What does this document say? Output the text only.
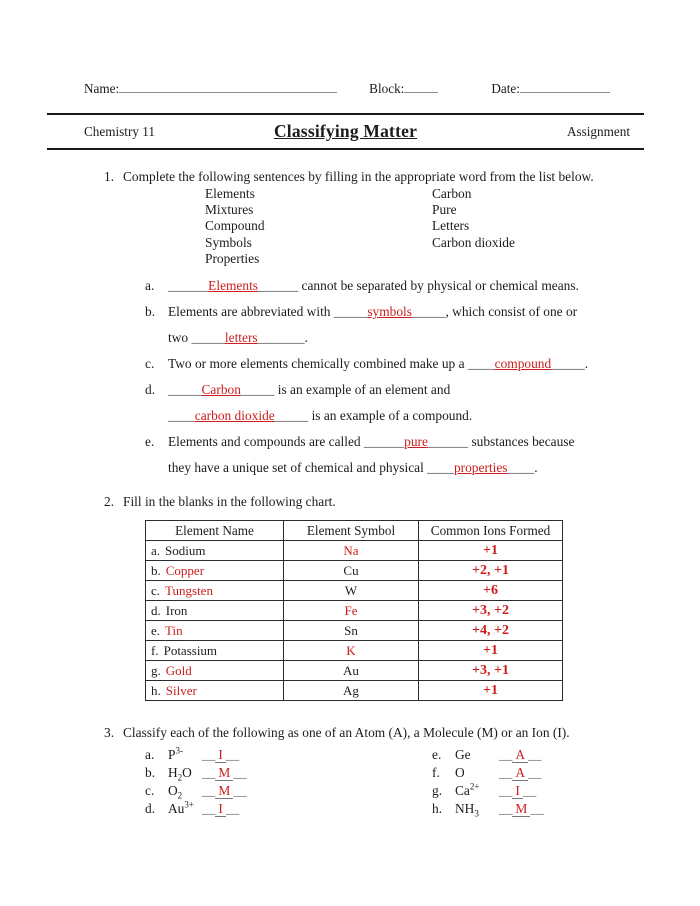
Name:	Block:	Date:
Chemistry 11	Classifying Matter	Assignment
1. Complete the following sentences by filling in the appropriate word from the list below.
Elements
Mixtures
Compound
Symbols
Properties
Carbon
Pure
Letters
Carbon dioxide
a.	______Elements______ cannot be separated by physical or chemical means.
b. Elements are abbreviated with _____symbols_____, which consist of one or
two _____letters_______.
c.	Two or more elements chemically combined make up a ____compound_____.
d. _____Carbon_____ is an example of an element and
____carbon dioxide_____ is an example of a compound.
e.	Elements and compounds are called ______pure______ substances because
they have a unique set of chemical and physical ____properties____.
2. Fill in the blanks in the following chart.
Element Name	Element Symbol	Common Ions Formed
a. Sodium	Na	+1
b. Copper	Cu	+2, +1
c. Tungsten	W	+6
d. Iron	Fe	+3, +2
e. Tin	Sn	+4, +2
f. Potassium	K	+1
g. Gold	Au	+3, +1
h. Silver	Ag	+1
3. Classify each of the following as one of an Atom (A), a Molecule (M) or an Ion (I).
a.	$P^{3-}$	__ I __
b. $H_2O$ __ M __
c.	$O_2$	__ M __
d. $Au^{3+}$ __ I __
e.	Ge	__ A __
f.	O	__ A __
g. $Ca^{2+}$	__ I __
h. $NH_3$	__ M __
